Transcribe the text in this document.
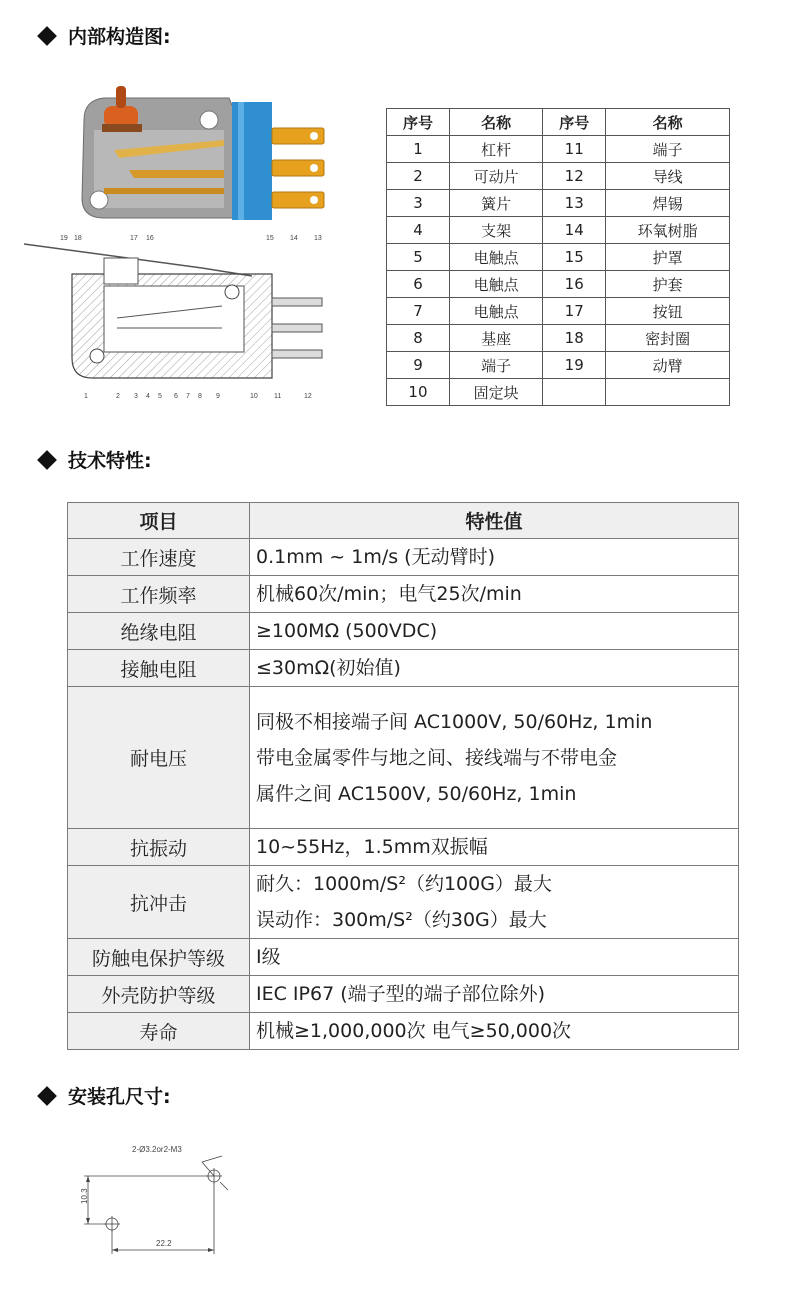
内部构造图:
19 18	17 16	15 14 13
1	2 3 4 5 6 7 8 9	10 11	12
序号	名称	序号	名称
1	杠杆	11	端子
2	可动片	12	导线
3	簧片	13	焊锡
4	支架	14	环氧树脂
5	电触点	15	护罩
6	电触点	16	护套
7	电触点	17	按钮
8	基座	18	密封圈
9	端子	19	动臂
10	固定块		
技术特性:
项目	特性值
工作速度	0.1mm ~ 1m/s (无动臂时)

工作频率	机械60次/min；电气25次/min

绝缘电阻	≥100MΩ (500VDC)

接触电阻	≤30mΩ(初始值)

耐电压	同极不相接端子间 AC1000V, 50/60Hz, 1min
带电金属零件与地之间、接线端与不带电金
属件之间 AC1500V, 50/60Hz, 1min

抗振动	10~55Hz，1.5mm双振幅

抗冲击	耐久：1000m/S²（约100G）最大
误动作：300m/S²（约30G）最大

防触电保护等级	I级

外壳防护等级	IEC IP67 (端子型的端子部位除外)

寿命	机械≥1,000,000次 电气≥50,000次
安装孔尺寸:
2-Ø3.2or2-M3
10.3
22.2
